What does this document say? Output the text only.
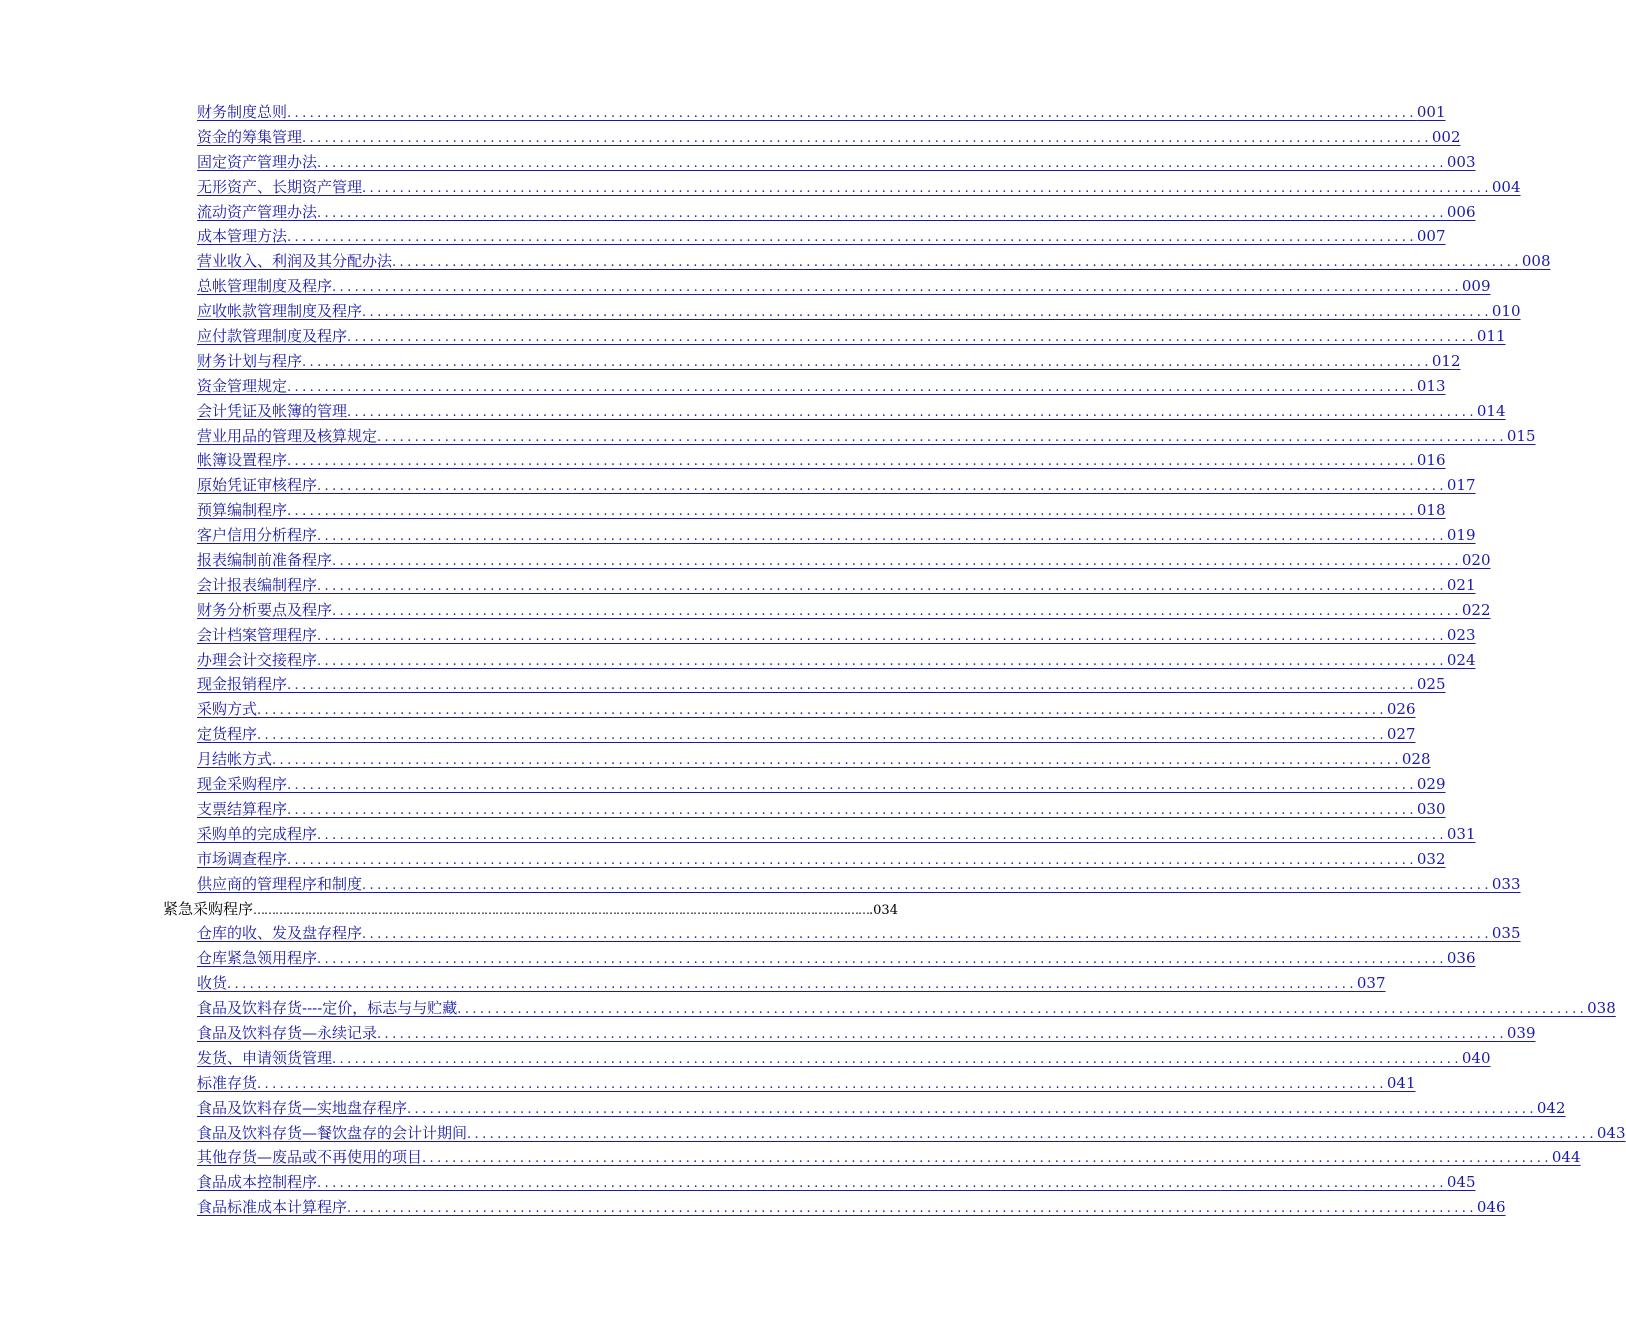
财务制度总则 ...................................................................................................................................................... 001
资金的筹集管理 ...................................................................................................................................................... 002
固定资产管理办法 ...................................................................................................................................................... 003
无形资产、长期资产管理 ...................................................................................................................................................... 004
流动资产管理办法 ...................................................................................................................................................... 006
成本管理方法 ...................................................................................................................................................... 007
营业收入、利润及其分配办法 ...................................................................................................................................................... 008
总帐管理制度及程序 ...................................................................................................................................................... 009
应收帐款管理制度及程序 ...................................................................................................................................................... 010
应付款管理制度及程序 ...................................................................................................................................................... 011
财务计划与程序 ...................................................................................................................................................... 012
资金管理规定 ...................................................................................................................................................... 013
会计凭证及帐簿的管理 ...................................................................................................................................................... 014
营业用品的管理及核算规定 ...................................................................................................................................................... 015
帐簿设置程序 ...................................................................................................................................................... 016
原始凭证审核程序 ...................................................................................................................................................... 017
预算编制程序 ...................................................................................................................................................... 018
客户信用分析程序 ...................................................................................................................................................... 019
报表编制前准备程序 ...................................................................................................................................................... 020
会计报表编制程序 ...................................................................................................................................................... 021
财务分析要点及程序 ...................................................................................................................................................... 022
会计档案管理程序 ...................................................................................................................................................... 023
办理会计交接程序 ...................................................................................................................................................... 024
现金报销程序 ...................................................................................................................................................... 025
采购方式 ...................................................................................................................................................... 026
定货程序 ...................................................................................................................................................... 027
月结帐方式 ...................................................................................................................................................... 028
现金采购程序 ...................................................................................................................................................... 029
支票结算程序 ...................................................................................................................................................... 030
采购单的完成程序 ...................................................................................................................................................... 031
市场调查程序 ...................................................................................................................................................... 032
供应商的管理程序和制度 ...................................................................................................................................................... 033
紧急采购程序 …………………………………………………………………………………………………………………………………………………… .034
仓库的收、发及盘存程序 ...................................................................................................................................................... 035
仓库紧急领用程序 ...................................................................................................................................................... 036
收货 ...................................................................................................................................................... 037
食品及饮料存货----定价，标志与与贮藏 ...................................................................................................................................................... 038
食品及饮料存货—永续记录 ...................................................................................................................................................... 039
发货、申请领货管理 ...................................................................................................................................................... 040
标准存货 ...................................................................................................................................................... 041
食品及饮料存货—实地盘存程序 ...................................................................................................................................................... 042
食品及饮料存货—餐饮盘存的会计计期间 ...................................................................................................................................................... 043
其他存货—废品或不再使用的项目 ...................................................................................................................................................... 044
食品成本控制程序 ...................................................................................................................................................... 045
食品标准成本计算程序 ...................................................................................................................................................... 046
